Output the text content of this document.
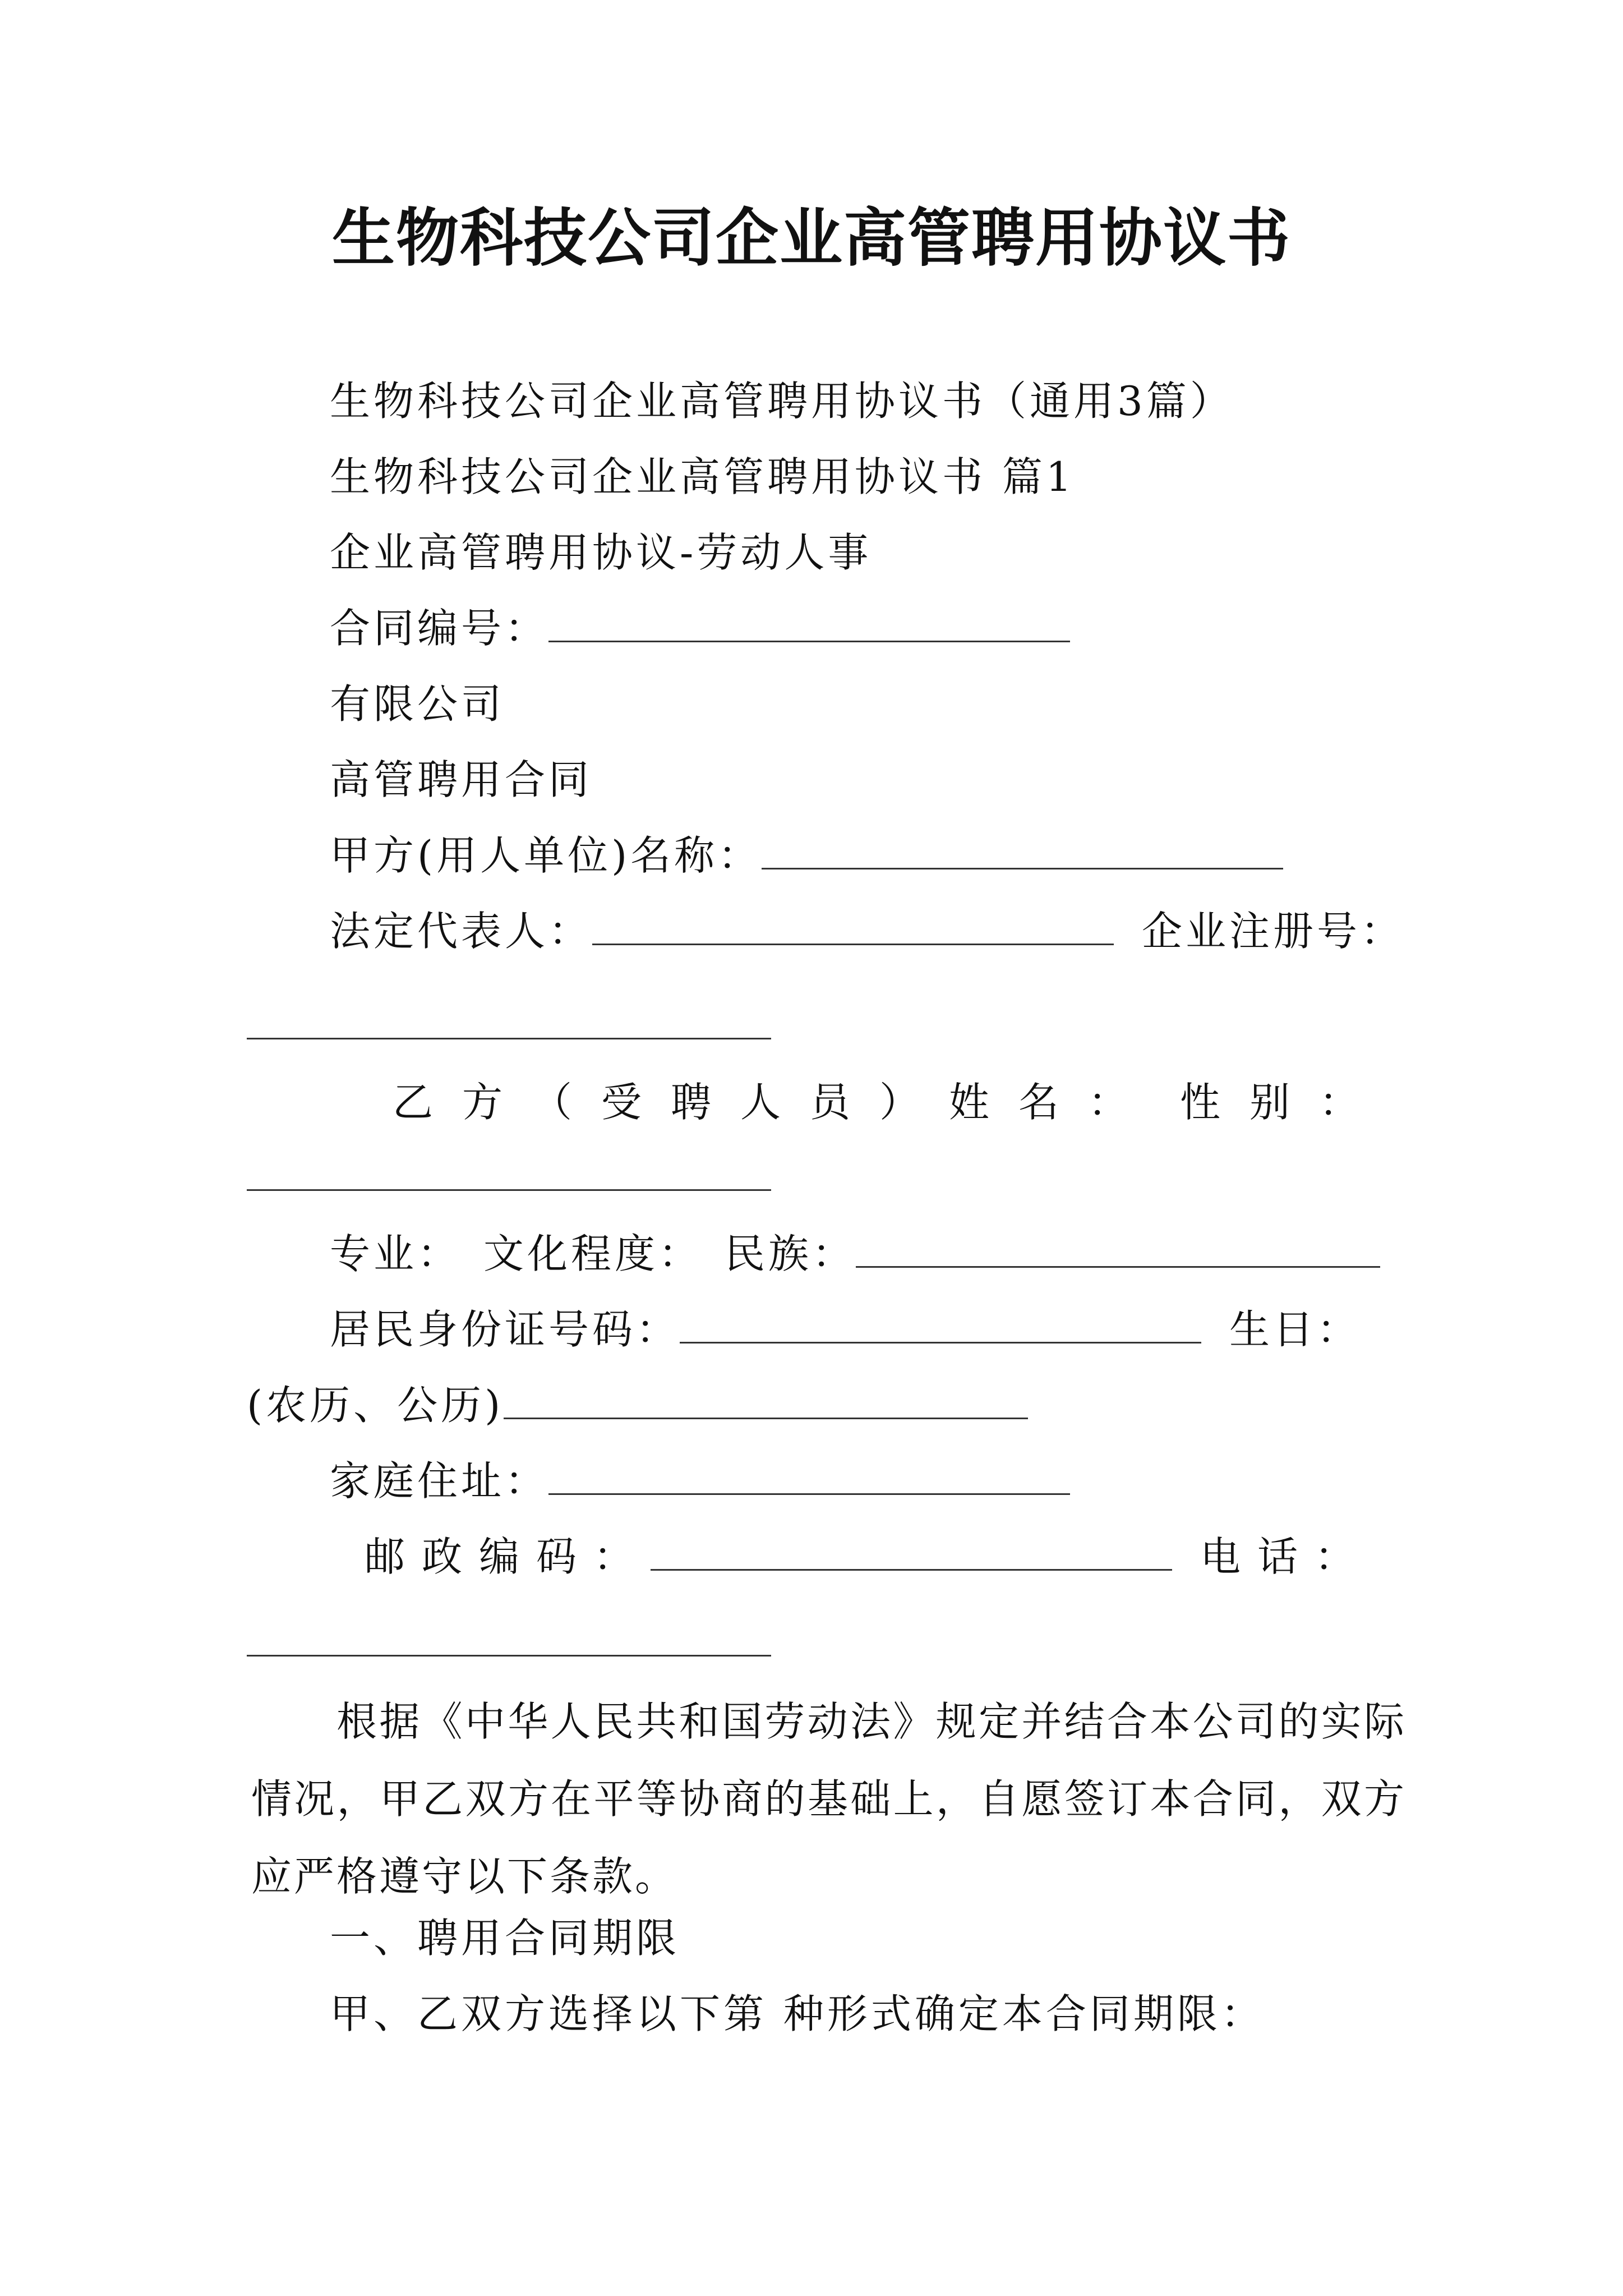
生物科技公司企业高管聘用协议书
生物科技公司企业高管聘用协议书（通用3篇）
生物科技公司企业高管聘用协议书 篇1
企业高管聘用协议-劳动人事
合同编号：
有限公司
高管聘用合同
甲方(用人单位)名称：
法定代表人：	企业注册号：
乙方（受聘人员）姓名： 性别：
专业： 文化程度： 民族：
居民身份证号码：	生日：
(农历、公历)
家庭住址：
邮政编码：	电话：
根据《中华人民共和国劳动法》规定并结合本公司的实际情况，甲乙双方在平等协商的基础上，自愿签订本合同，双方应严格遵守以下条款。
一、聘用合同期限
甲、乙双方选择以下第 种形式确定本合同期限：
